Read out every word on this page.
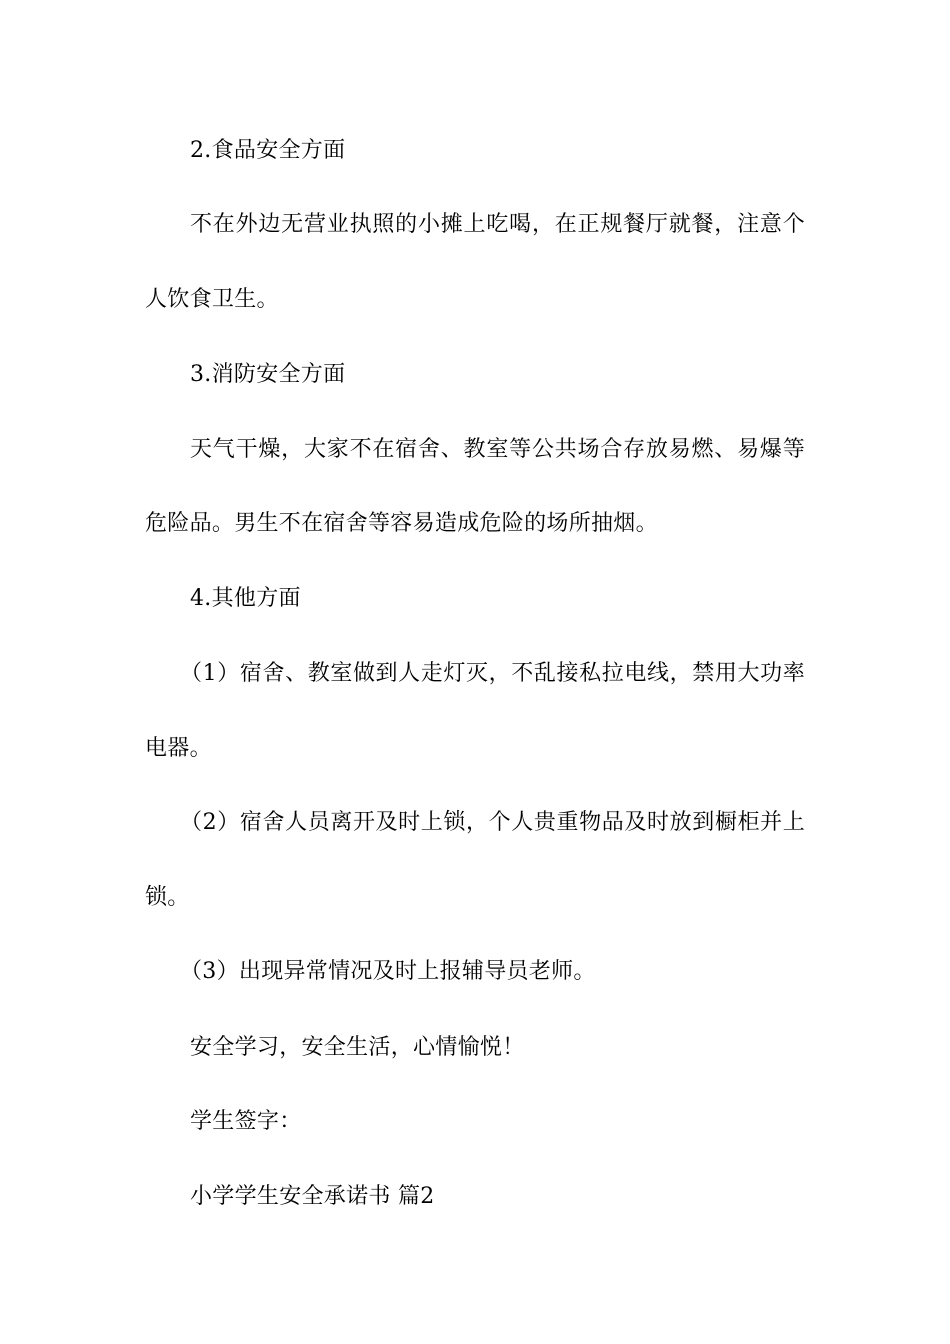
2.食品安全方面
不在外边无营业执照的小摊上吃喝，在正规餐厅就餐，注意个
人饮食卫生。
3.消防安全方面
天气干燥，大家不在宿舍、教室等公共场合存放易燃、易爆等
危险品。男生不在宿舍等容易造成危险的场所抽烟。
4.其他方面
（1）宿舍、教室做到人走灯灭，不乱接私拉电线，禁用大功率
电器。
（2）宿舍人员离开及时上锁，个人贵重物品及时放到橱柜并上
锁。
（3）出现异常情况及时上报辅导员老师。
安全学习，安全生活，心情愉悦！
学生签字：
小学学生安全承诺书 篇2
